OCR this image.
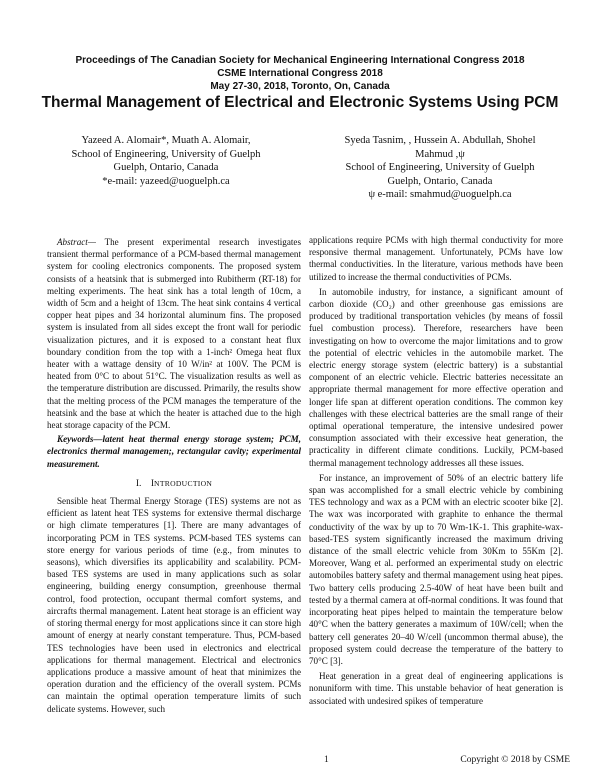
Proceedings of The Canadian Society for Mechanical Engineering International Congress 2018
CSME International Congress 2018
May 27-30, 2018, Toronto, On, Canada
Thermal Management of Electrical and Electronic Systems Using PCM
Yazeed A. Alomair*, Muath A. Alomair,
School of Engineering, University of Guelph
Guelph, Ontario, Canada
*e-mail: yazeed@uoguelph.ca
Syeda Tasnim, , Hussein A. Abdullah, Shohel
Mahmud ,ψ
School of Engineering, University of Guelph
Guelph, Ontario, Canada
ψ e-mail: smahmud@uoguelph.ca

Abstract— The present experimental research investigates transient thermal performance of a PCM-based thermal management system for cooling electronics components. The proposed system consists of a heatsink that is submerged into Rubitherm (RT-18) for melting experiments. The heat sink has a total length of 10cm, a width of 5cm and a height of 13cm. The heat sink contains 4 vertical copper heat pipes and 34 horizontal aluminum fins. The proposed system is insulated from all sides except the front wall for periodic visualization pictures, and it is exposed to a constant heat flux boundary condition from the top with a 1-inch² Omega heat flux heater with a wattage density of 10 W/in² at 100V. The PCM is heated from 0°C to about 51°C. The visualization results as well as the temperature distribution are discussed. Primarily, the results show that the melting process of the PCM manages the temperature of the heatsink and the base at which the heater is attached due to the high heat storage capacity of the PCM.

Keywords—latent heat thermal energy storage system; PCM, electronics thermal managemen;, rectangular cavity; experimental measurement.

I. INTRODUCTION

Sensible heat Thermal Energy Storage (TES) systems are not as efficient as latent heat TES systems for extensive thermal discharge or high climate temperatures [1]. There are many advantages of incorporating PCM in TES systems. PCM-based TES systems can store energy for various periods of time (e.g., from minutes to seasons), which diversifies its applicability and scalability. PCM-based TES systems are used in many applications such as solar engineering, building energy consumption, greenhouse thermal control, food protection, occupant thermal comfort systems, and aircrafts thermal management. Latent heat storage is an efficient way of storing thermal energy for most applications since it can store high amount of energy at nearly constant temperature. Thus, PCM-based TES technologies have been used in electronics and electrical applications for thermal management. Electrical and electronics applications produce a massive amount of heat that minimizes the operation duration and the efficiency of the overall system. PCMs can maintain the optimal operation temperature limits of such delicate systems. However, such

applications require PCMs with high thermal conductivity for more responsive thermal management. Unfortunately, PCMs have low thermal conductivities. In the literature, various methods have been utilized to increase the thermal conductivities of PCMs.

In automobile industry, for instance, a significant amount of carbon dioxide (CO₂) and other greenhouse gas emissions are produced by traditional transportation vehicles (by means of fossil fuel combustion process). Therefore, researchers have been investigating on how to overcome the major limitations and to grow the potential of electric vehicles in the automobile market. The electric energy storage system (electric battery) is a substantial component of an electric vehicle. Electric batteries necessitate an appropriate thermal management for more effective operation and longer life span at different operation conditions. The common key challenges with these electrical batteries are the small range of their optimal operational temperature, the intensive undesired power consumption associated with their excessive heat generation, the practicality in different climate conditions. Luckily, PCM-based thermal management technology addresses all these issues.

For instance, an improvement of 50% of an electric battery life span was accomplished for a small electric vehicle by combining TES technology and wax as a PCM with an electric scooter bike [2]. The wax was incorporated with graphite to enhance the thermal conductivity of the wax by up to 70 Wm-1K-1. This graphite-wax-based-TES system significantly increased the maximum driving distance of the small electric vehicle from 30Km to 55Km [2]. Moreover, Wang et al. performed an experimental study on electric automobiles battery safety and thermal management using heat pipes. Two battery cells producing 2.5-40W of heat have been built and tested by a thermal camera at off-normal conditions. It was found that incorporating heat pipes helped to maintain the temperature below 40°C when the battery generates a maximum of 10W/cell; when the battery cell generates 20–40 W/cell (uncommon thermal abuse), the proposed system could decrease the temperature of the battery to 70°C [3].

Heat generation in a great deal of engineering applications is nonuniform with time. This unstable behavior of heat generation is associated with undesired spikes of temperature

1	Copyright © 2018 by CSME
